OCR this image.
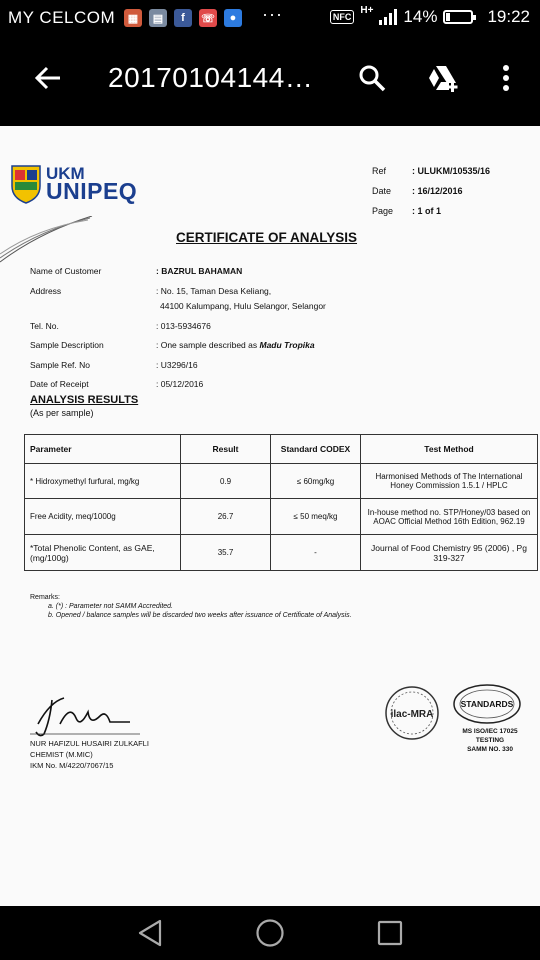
MY CELCOM	▦	▤	f	☏	●	···	NFC
H+ 14%	19:22
20170104144…
UKM
UNIPEQ
Ref	: ULUKM/10535/16
Date	: 16/12/2016
Page	: 1 of 1
CERTIFICATE OF ANALYSIS
Name of Customer	: BAZRUL BAHAMAN
Address	: No. 15, Taman Desa Keliang,
44100 Kalumpang, Hulu Selangor, Selangor
Tel. No.	: 013-5934676
Sample Description	: One sample described as Madu Tropika
Sample Ref. No	: U3296/16
Date of Receipt	: 05/12/2016
ANALYSIS RESULTS
(As per sample)
Parameter	Result	Standard CODEX	Test Method
* Hidroxymethyl furfural, mg/kg	0.9	≤ 60mg/kg	Harmonised Methods of The International Honey Commission 1.5.1 / HPLC
Free Acidity, meq/1000g	26.7	≤ 50 meq/kg	In-house method no. STP/Honey/03 based on AOAC Official Method 16th Edition, 962.19
*Total Phenolic Content, as GAE, (mg/100g)	35.7	-	Journal of Food Chemistry 95 (2006) , Pg 319-327
Remarks:
a. (*) : Parameter not SAMM Accredited.
b. Opened / balance samples will be discarded two weeks after issuance of Certificate of Analysis.
NUR HAFIZUL HUSAIRI ZULKAFLI
CHEMIST (M.MIC)
IKM No. M/4220/7067/15
ilac-MRA
STANDARDS
MS ISO/IEC 17025
TESTING
SAMM NO. 330
